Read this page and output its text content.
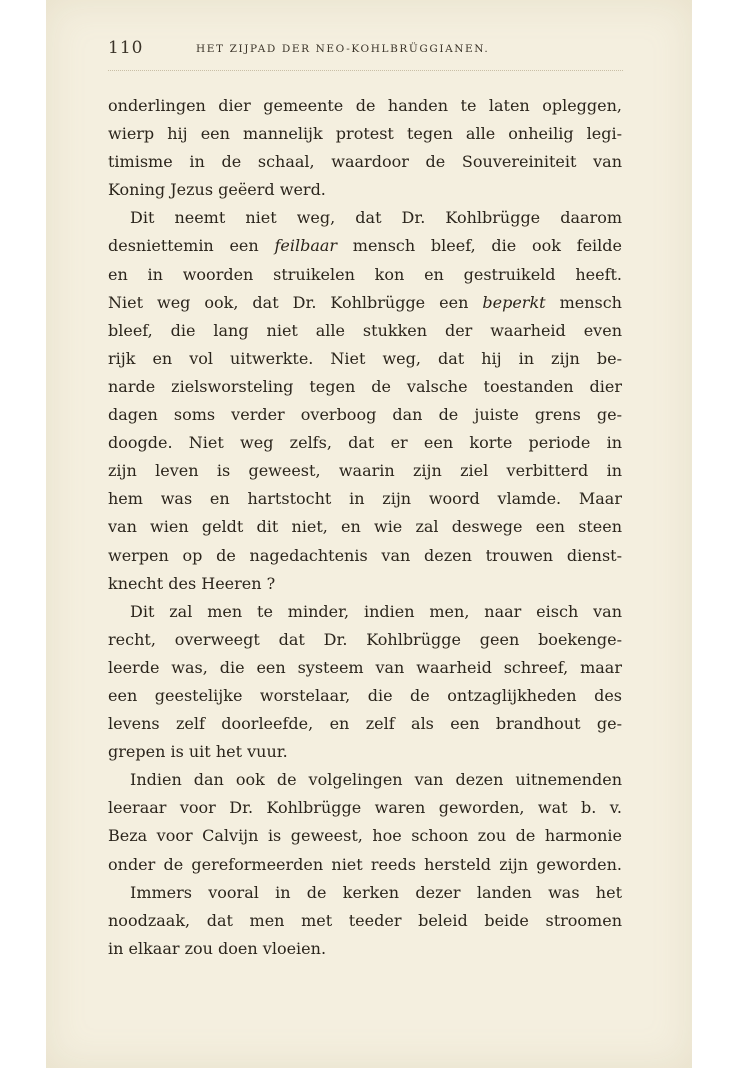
110	HET ZIJPAD DER NEO-KOHLBRÜGGIANEN.
onderlingen dier gemeente de handen te laten opleggen,
wierp hij een mannelijk protest tegen alle onheilig legi-
timisme in de schaal, waardoor de Souvereiniteit van
Koning Jezus geëerd werd.
Dit neemt niet weg, dat Dr. Kohlbrügge daarom
desniettemin een feilbaar mensch bleef, die ook feilde
en in woorden struikelen kon en gestruikeld heeft.
Niet weg ook, dat Dr. Kohlbrügge een beperkt mensch
bleef, die lang niet alle stukken der waarheid even
rijk en vol uitwerkte. Niet weg, dat hij in zijn be-
narde zielsworsteling tegen de valsche toestanden dier
dagen soms verder overboog dan de juiste grens ge-
doogde. Niet weg zelfs, dat er een korte periode in
zijn leven is geweest, waarin zijn ziel verbitterd in
hem was en hartstocht in zijn woord vlamde. Maar
van wien geldt dit niet, en wie zal deswege een steen
werpen op de nagedachtenis van dezen trouwen dienst-
knecht des Heeren ?
Dit zal men te minder, indien men, naar eisch van
recht, overweegt dat Dr. Kohlbrügge geen boekenge-
leerde was, die een systeem van waarheid schreef, maar
een geestelijke worstelaar, die de ontzaglijkheden des
levens zelf doorleefde, en zelf als een brandhout ge-
grepen is uit het vuur.
Indien dan ook de volgelingen van dezen uitnemenden
leeraar voor Dr. Kohlbrügge waren geworden, wat b. v.
Beza voor Calvijn is geweest, hoe schoon zou de harmonie
onder de gereformeerden niet reeds hersteld zijn geworden.
Immers vooral in de kerken dezer landen was het
noodzaak, dat men met teeder beleid beide stroomen
in elkaar zou doen vloeien.
